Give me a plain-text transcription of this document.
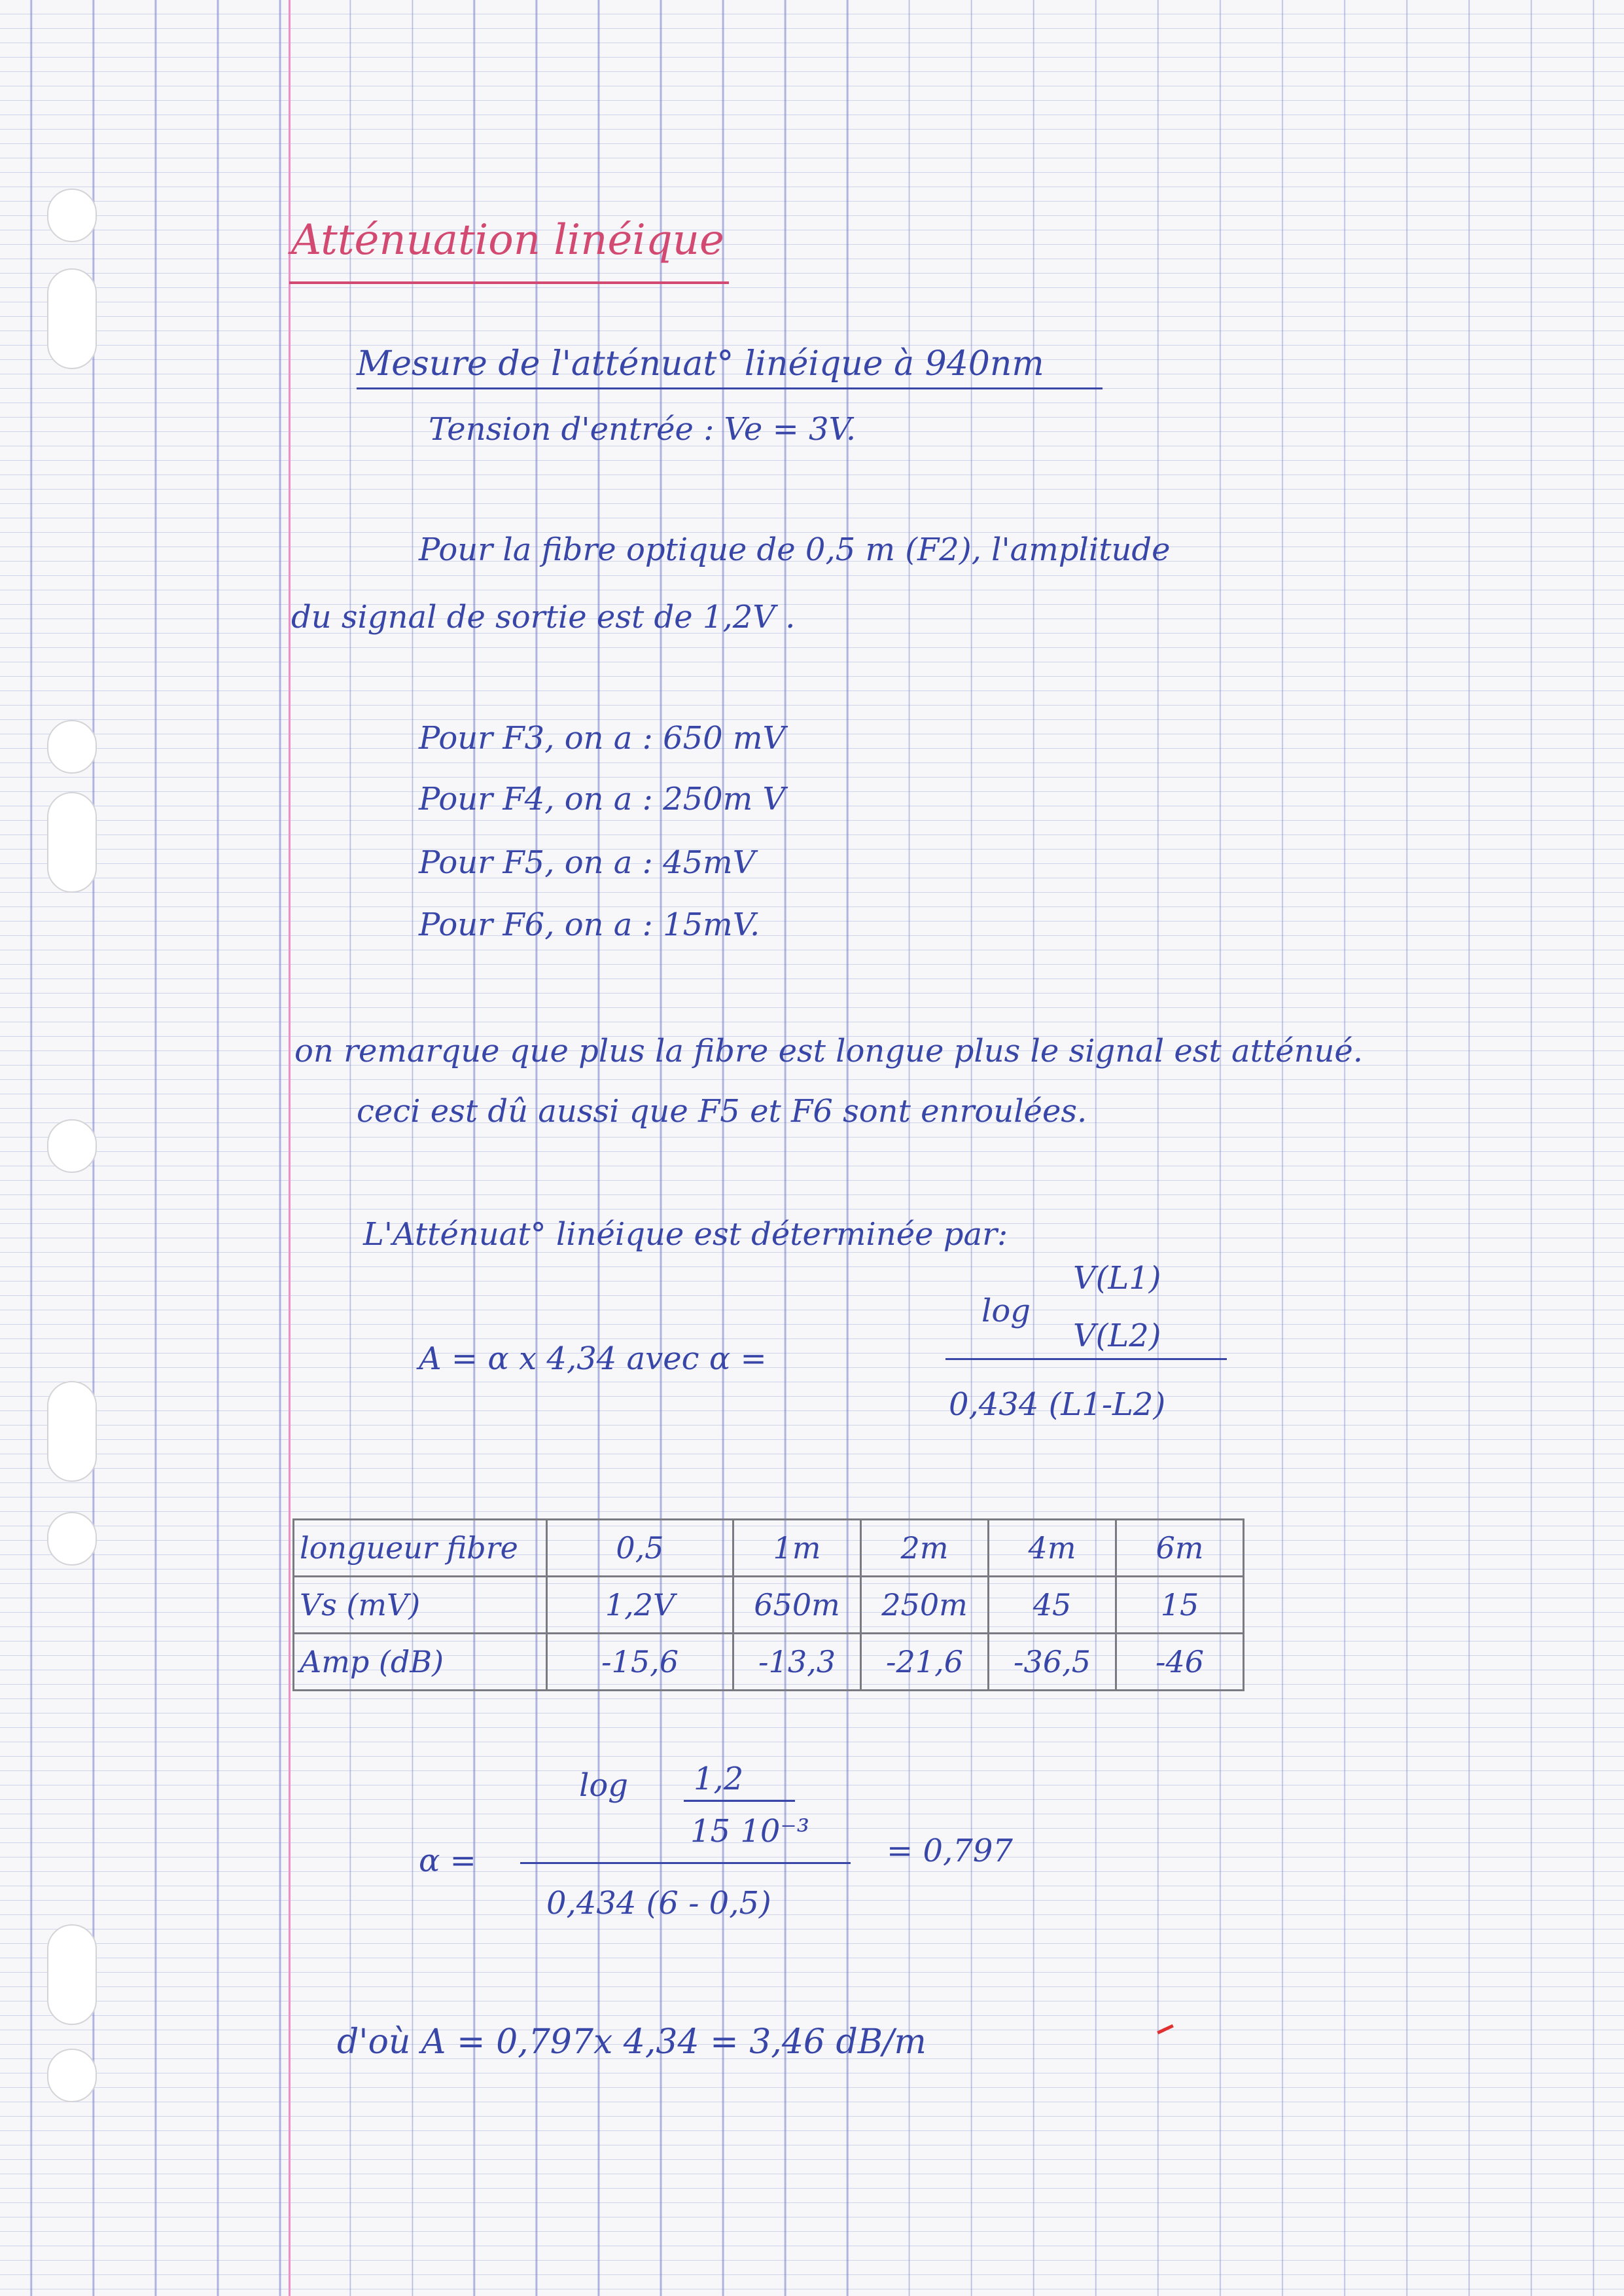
Atténuation linéique
Mesure de l'atténuat° linéique à 940nm
Tension d'entrée : Ve = 3V.
Pour la fibre optique de 0,5 m (F2), l'amplitude
du signal de sortie est de 1,2V .
Pour F3, on a : 650 mV
Pour F4, on a : 250m V
Pour F5, on a : 45mV
Pour F6, on a : 15mV.
on remarque que plus la fibre est longue plus le signal est atténué.
ceci est dû aussi que F5 et F6 sont enroulées.
L'Atténuat° linéique est déterminée par:
A = α x 4,34 avec α =
log
V(L1)
V(L2)
0,434 (L1-L2)
longueur fibre	0,5	1m	2m	4m	6m
Vs (mV)	1,2V	650m	250m	45	15
Amp (dB)	-15,6	-13,3	-21,6	-36,5	-46
α =
log 1,2
15 10⁻³
0,434 (6 - 0,5)
= 0,797
d'où A = 0,797x 4,34 = 3,46 dB/m
